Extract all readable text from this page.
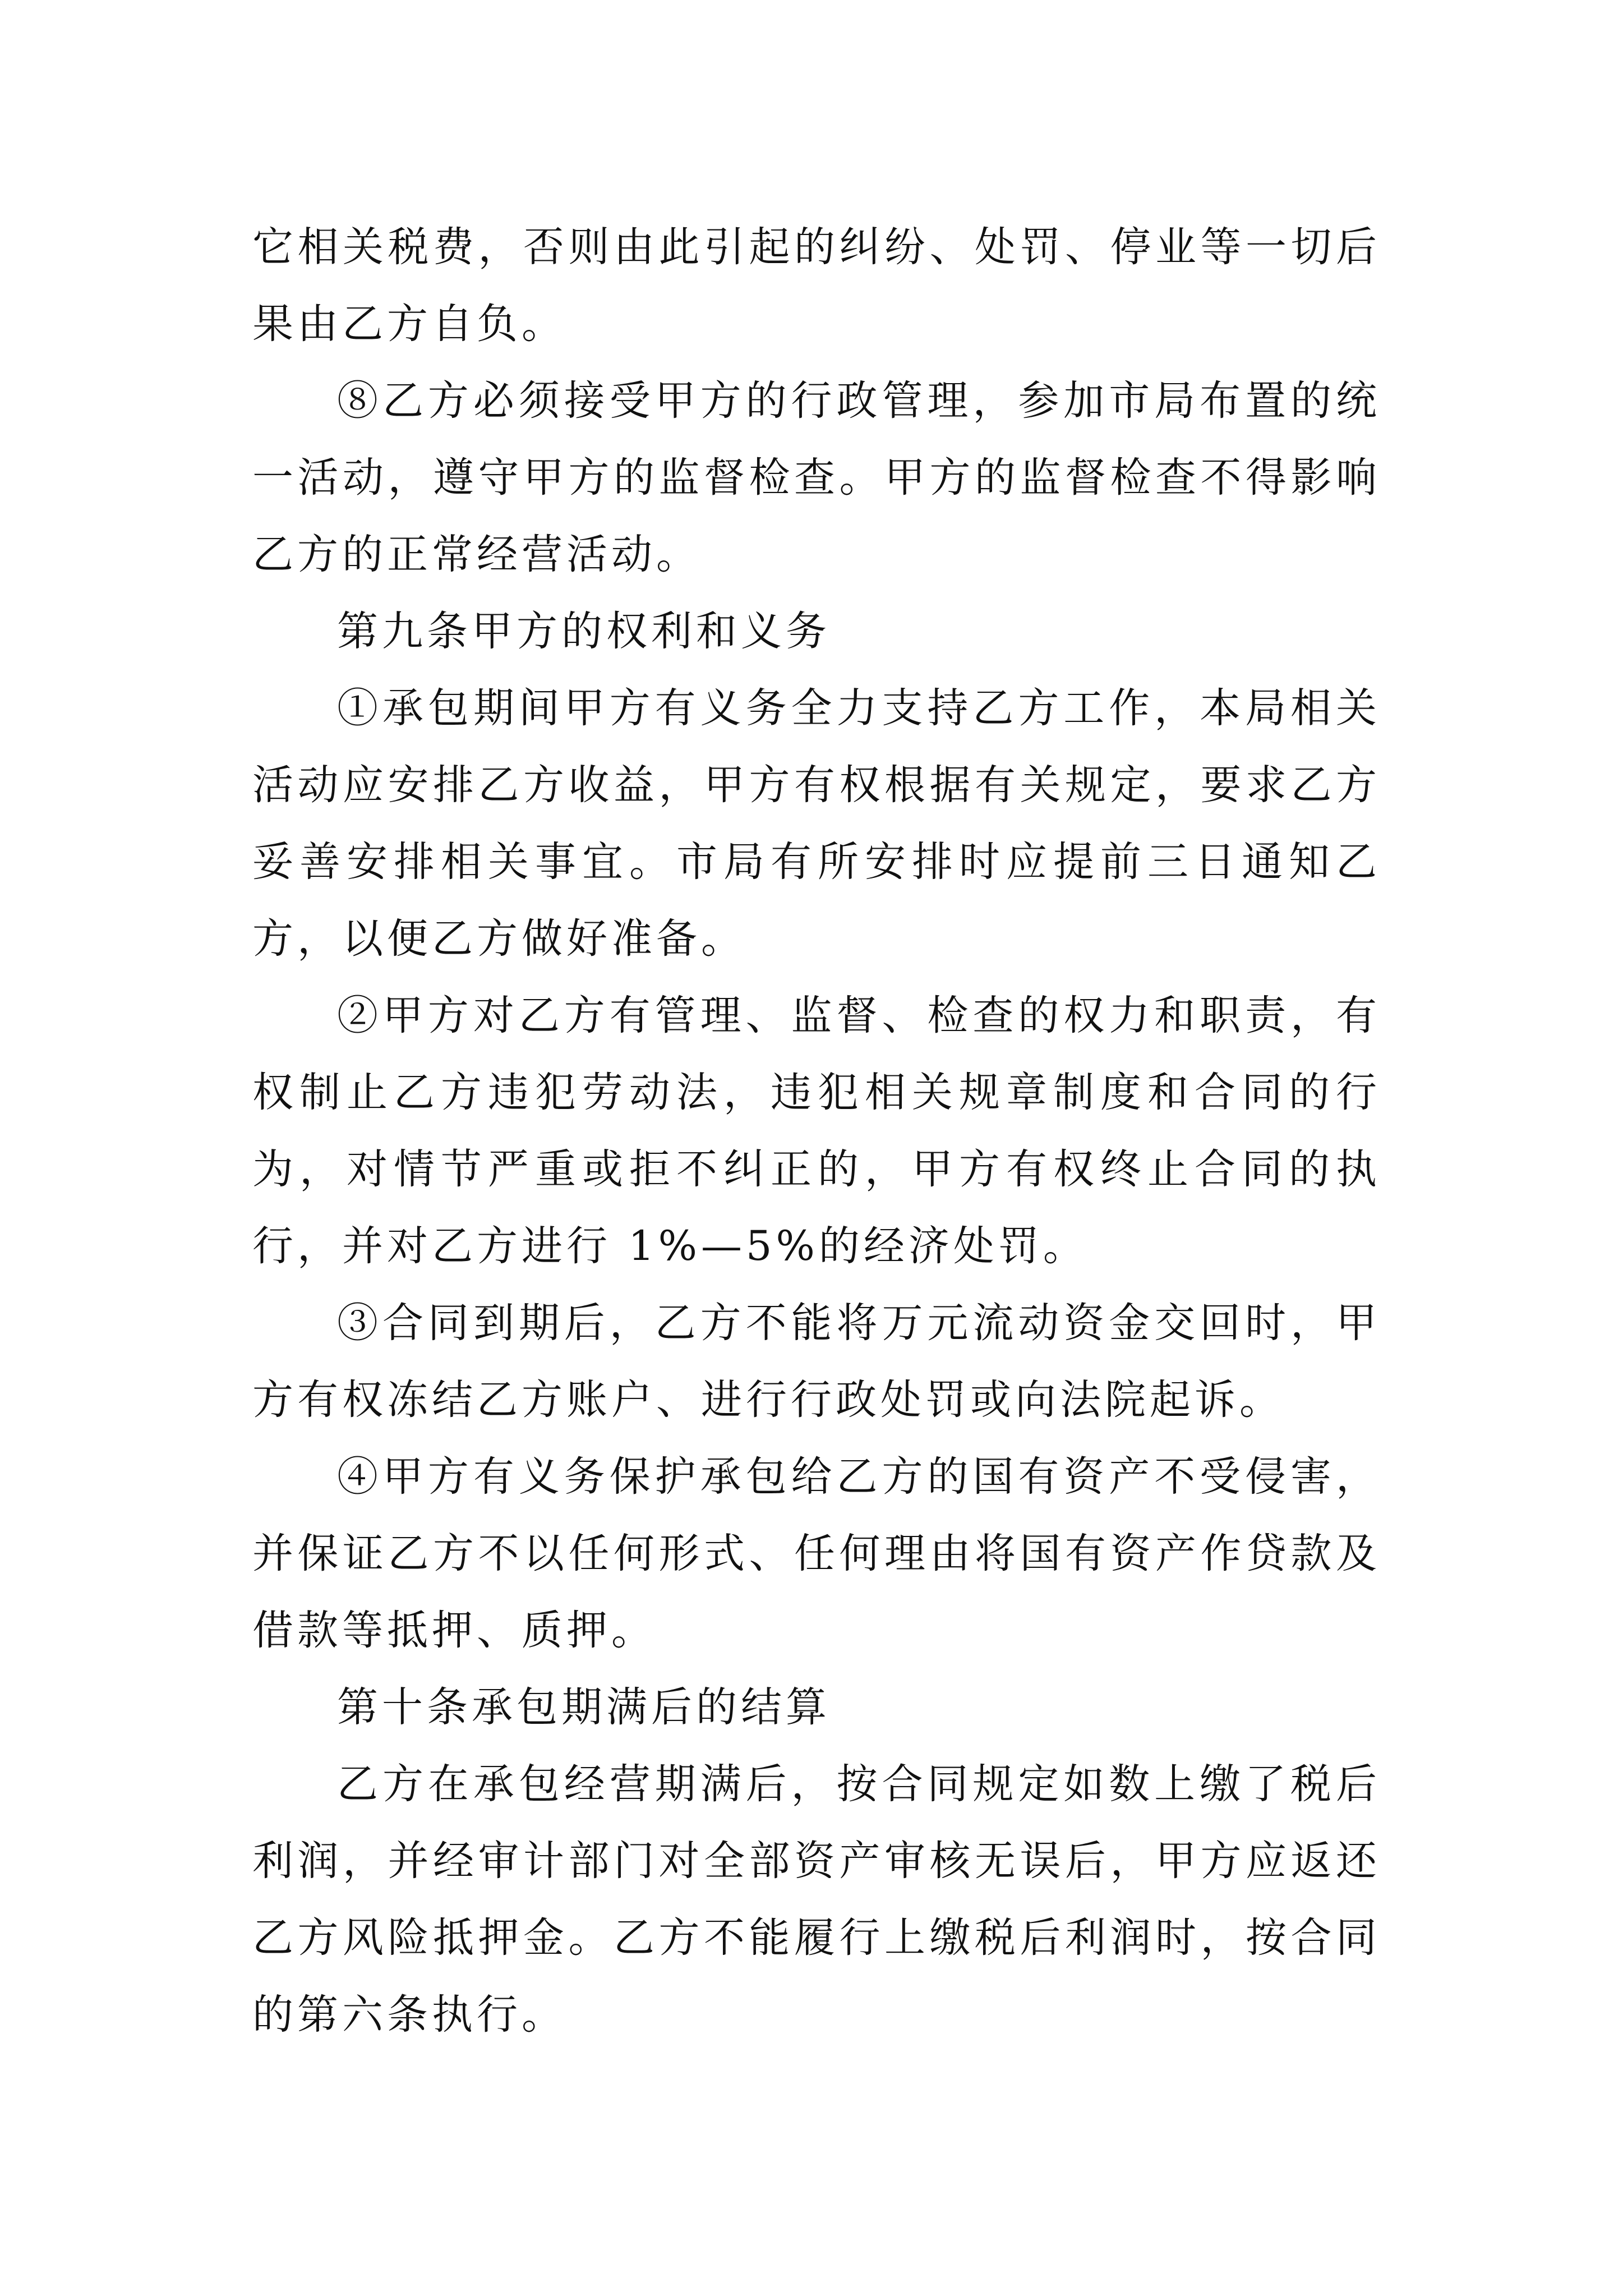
它相关税费，否则由此引起的纠纷、处罚、停业等一切后果由乙方自负。

⑧乙方必须接受甲方的行政管理，参加市局布置的统一活动，遵守甲方的监督检查。甲方的监督检查不得影响乙方的正常经营活动。

第九条甲方的权利和义务

①承包期间甲方有义务全力支持乙方工作，本局相关活动应安排乙方收益，甲方有权根据有关规定，要求乙方妥善安排相关事宜。市局有所安排时应提前三日通知乙方，以便乙方做好准备。

②甲方对乙方有管理、监督、检查的权力和职责，有权制止乙方违犯劳动法，违犯相关规章制度和合同的行为，对情节严重或拒不纠正的，甲方有权终止合同的执行，并对乙方进行 1%—5%的经济处罚。

③合同到期后，乙方不能将万元流动资金交回时，甲方有权冻结乙方账户、进行行政处罚或向法院起诉。

④甲方有义务保护承包给乙方的国有资产不受侵害，并保证乙方不以任何形式、任何理由将国有资产作贷款及借款等抵押、质押。

第十条承包期满后的结算

乙方在承包经营期满后，按合同规定如数上缴了税后利润，并经审计部门对全部资产审核无误后，甲方应返还乙方风险抵押金。乙方不能履行上缴税后利润时，按合同的第六条执行。
